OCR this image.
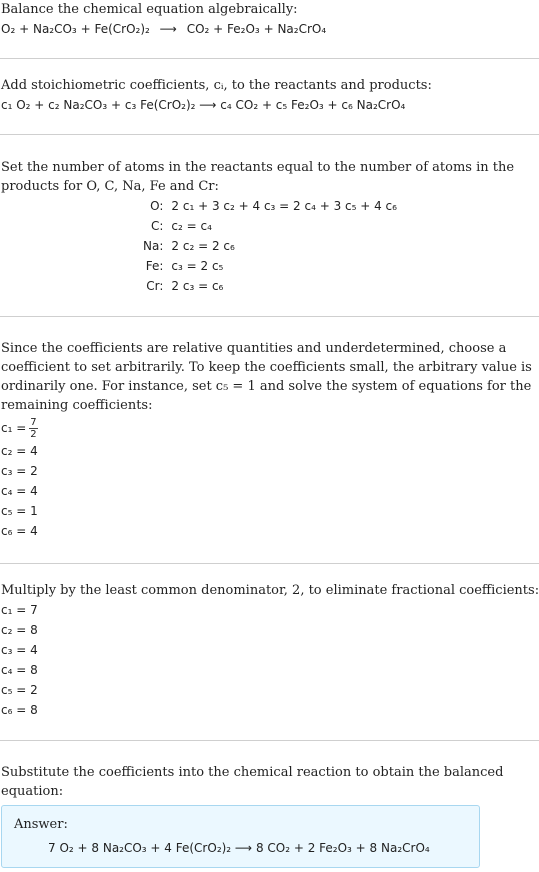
Balance the chemical equation algebraically:
O₂ + Na₂CO₃ + Fe(CrO₂)₂ ⟶ CO₂ + Fe₂O₃ + Na₂CrO₄
Add stoichiometric coefficients, cᵢ, to the reactants and products:
c₁ O₂ + c₂ Na₂CO₃ + c₃ Fe(CrO₂)₂ ⟶ c₄ CO₂ + c₅ Fe₂O₃ + c₆ Na₂CrO₄
Set the number of atoms in the reactants equal to the number of atoms in the
products for O, C, Na, Fe and Cr:
O: 2 c₁ + 3 c₂ + 4 c₃ = 2 c₄ + 3 c₅ + 4 c₆
C: c₂ = c₄
Na: 2 c₂ = 2 c₆
Fe: c₃ = 2 c₅
Cr: 2 c₃ = c₆
Since the coefficients are relative quantities and underdetermined, choose a
coefficient to set arbitrarily. To keep the coefficients small, the arbitrary value is
ordinarily one. For instance, set c₅ = 1 and solve the system of equations for the
remaining coefficients:
$c_1 = \frac{7}{2}$
c₂ = 4
c₃ = 2
c₄ = 4
c₅ = 1
c₆ = 4
Multiply by the least common denominator, 2, to eliminate fractional coefficients:
c₁ = 7
c₂ = 8
c₃ = 4
c₄ = 8
c₅ = 2
c₆ = 8
Substitute the coefficients into the chemical reaction to obtain the balanced
equation:
Answer:
7 O₂ + 8 Na₂CO₃ + 4 Fe(CrO₂)₂ ⟶ 8 CO₂ + 2 Fe₂O₃ + 8 Na₂CrO₄
